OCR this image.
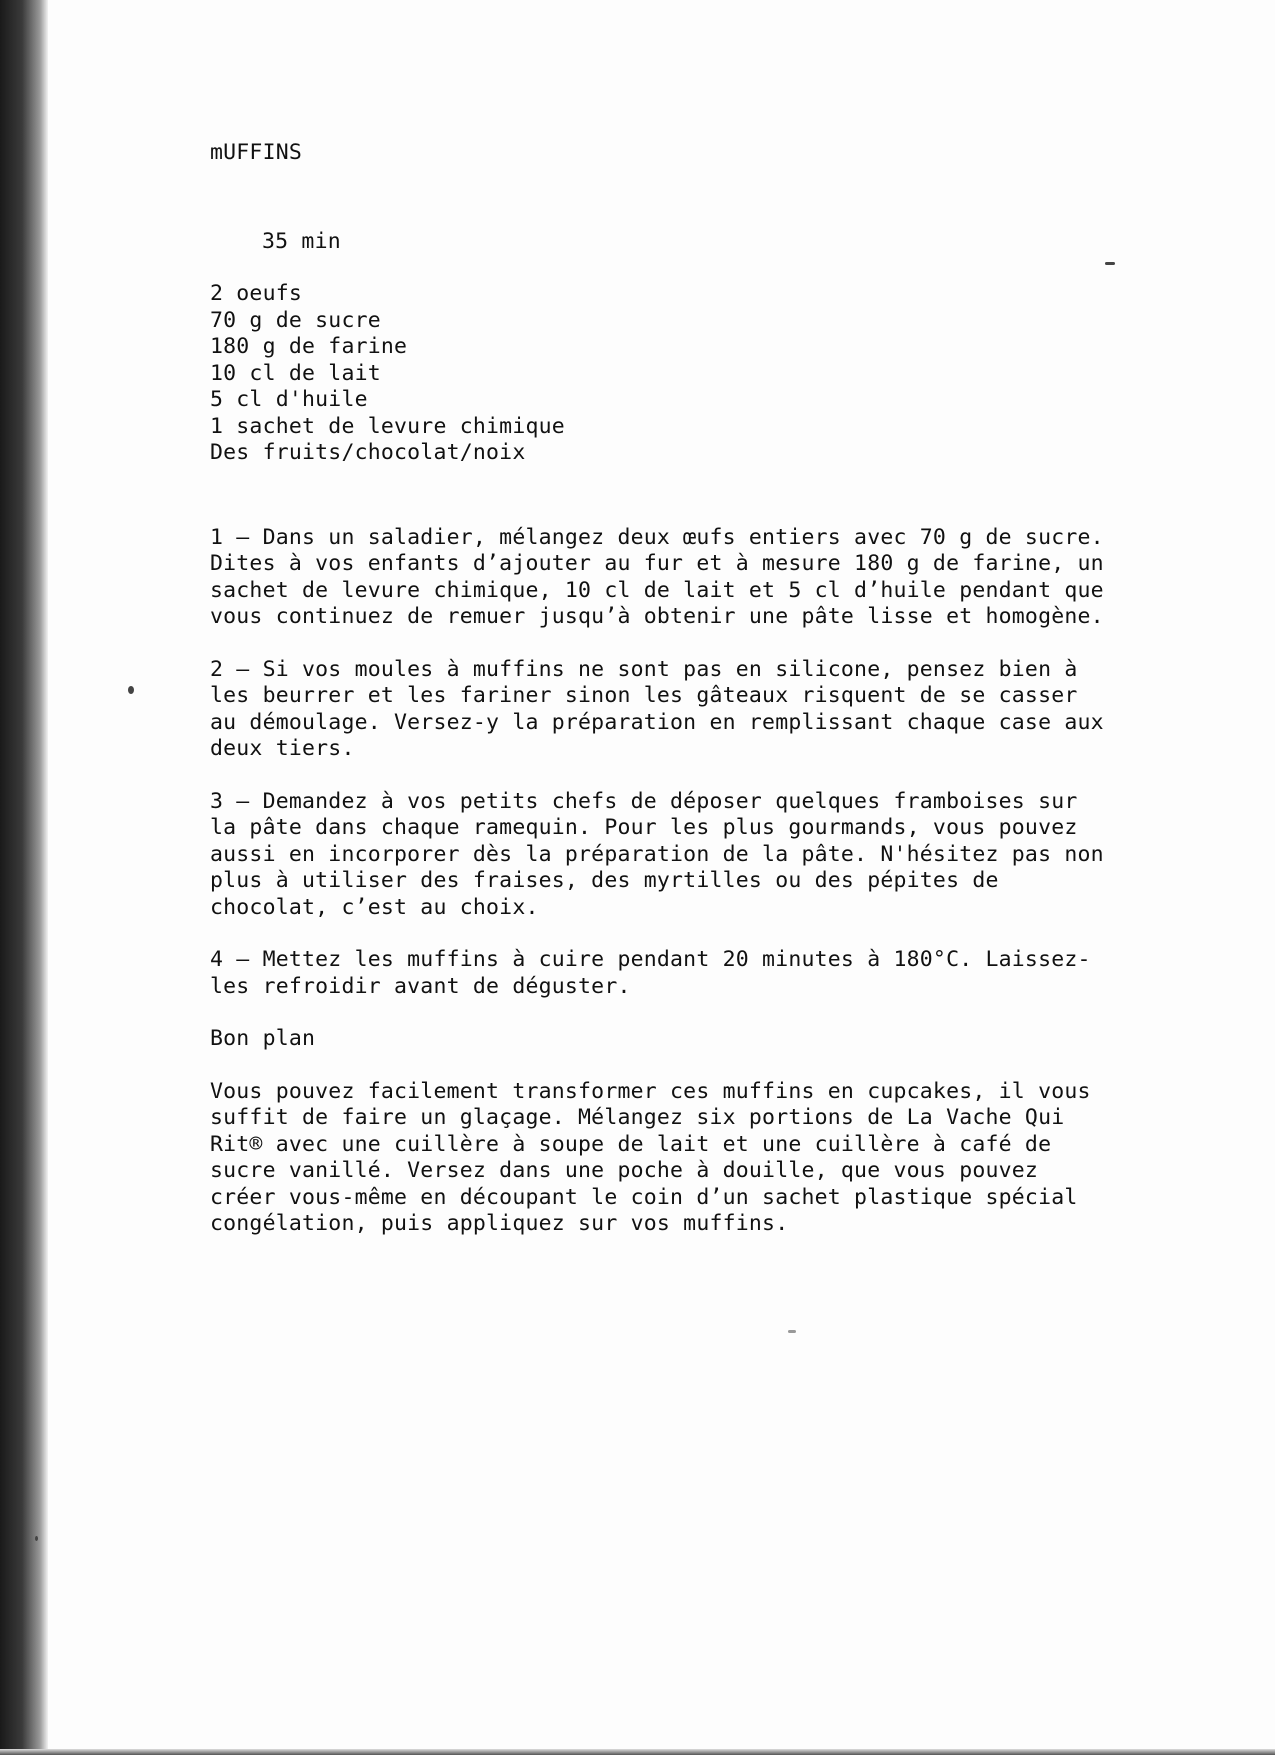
mUFFINS

35 min

2 oeufs
70 g de sucre
180 g de farine
10 cl de lait
5 cl d'huile
1 sachet de levure chimique
Des fruits/chocolat/noix

1 – Dans un saladier, mélangez deux œufs entiers avec 70 g de sucre.
Dites à vos enfants d’ajouter au fur et à mesure 180 g de farine, un
sachet de levure chimique, 10 cl de lait et 5 cl d’huile pendant que
vous continuez de remuer jusqu’à obtenir une pâte lisse et homogène.

2 – Si vos moules à muffins ne sont pas en silicone, pensez bien à
les beurrer et les fariner sinon les gâteaux risquent de se casser
au démoulage. Versez-y la préparation en remplissant chaque case aux
deux tiers.

3 – Demandez à vos petits chefs de déposer quelques framboises sur
la pâte dans chaque ramequin. Pour les plus gourmands, vous pouvez
aussi en incorporer dès la préparation de la pâte. N'hésitez pas non
plus à utiliser des fraises, des myrtilles ou des pépites de
chocolat, c’est au choix.

4 – Mettez les muffins à cuire pendant 20 minutes à 180°C. Laissez-
les refroidir avant de déguster.

Bon plan

Vous pouvez facilement transformer ces muffins en cupcakes, il vous
suffit de faire un glaçage. Mélangez six portions de La Vache Qui
Rit® avec une cuillère à soupe de lait et une cuillère à café de
sucre vanillé. Versez dans une poche à douille, que vous pouvez
créer vous-même en découpant le coin d’un sachet plastique spécial
congélation, puis appliquez sur vos muffins.
